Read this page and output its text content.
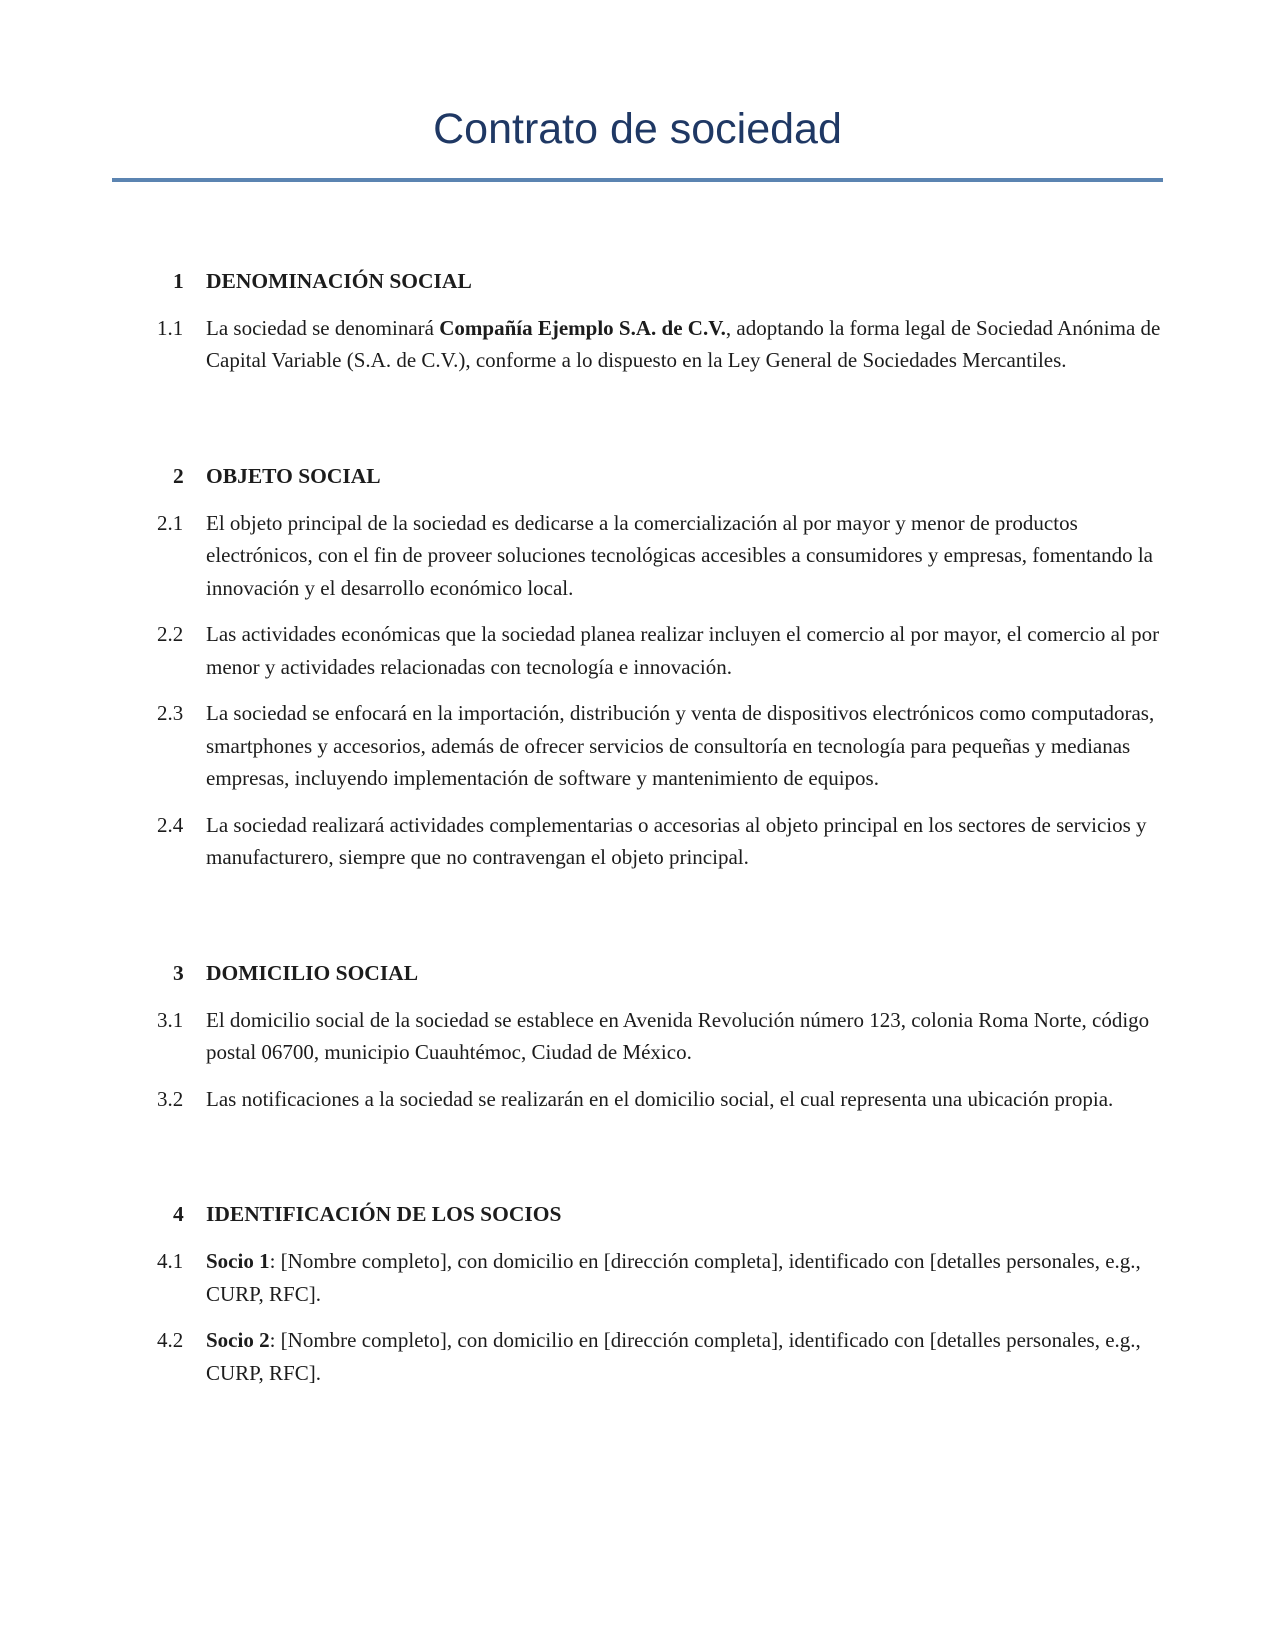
Contrato de sociedad
1	DENOMINACIÓN SOCIAL
1.1	La sociedad se denominará Compañía Ejemplo S.A. de C.V., adoptando la forma legal de Sociedad Anónima de Capital Variable (S.A. de C.V.), conforme a lo dispuesto en la Ley General de Sociedades Mercantiles.

2	OBJETO SOCIAL
2.1	El objeto principal de la sociedad es dedicarse a la comercialización al por mayor y menor de productos electrónicos, con el fin de proveer soluciones tecnológicas accesibles a consumidores y empresas, fomentando la innovación y el desarrollo económico local.

2.2	Las actividades económicas que la sociedad planea realizar incluyen el comercio al por mayor, el comercio al por menor y actividades relacionadas con tecnología e innovación.

2.3	La sociedad se enfocará en la importación, distribución y venta de dispositivos electrónicos como computadoras, smartphones y accesorios, además de ofrecer servicios de consultoría en tecnología para pequeñas y medianas empresas, incluyendo implementación de software y mantenimiento de equipos.

2.4	La sociedad realizará actividades complementarias o accesorias al objeto principal en los sectores de servicios y manufacturero, siempre que no contravengan el objeto principal.

3	DOMICILIO SOCIAL
3.1	El domicilio social de la sociedad se establece en Avenida Revolución número 123, colonia Roma Norte, código postal 06700, municipio Cuauhtémoc, Ciudad de México.

3.2	Las notificaciones a la sociedad se realizarán en el domicilio social, el cual representa una ubicación propia.

4	IDENTIFICACIÓN DE LOS SOCIOS
4.1	Socio 1: [Nombre completo], con domicilio en [dirección completa], identificado con [detalles personales, e.g., CURP, RFC].

4.2	Socio 2: [Nombre completo], con domicilio en [dirección completa], identificado con [detalles personales, e.g., CURP, RFC].
